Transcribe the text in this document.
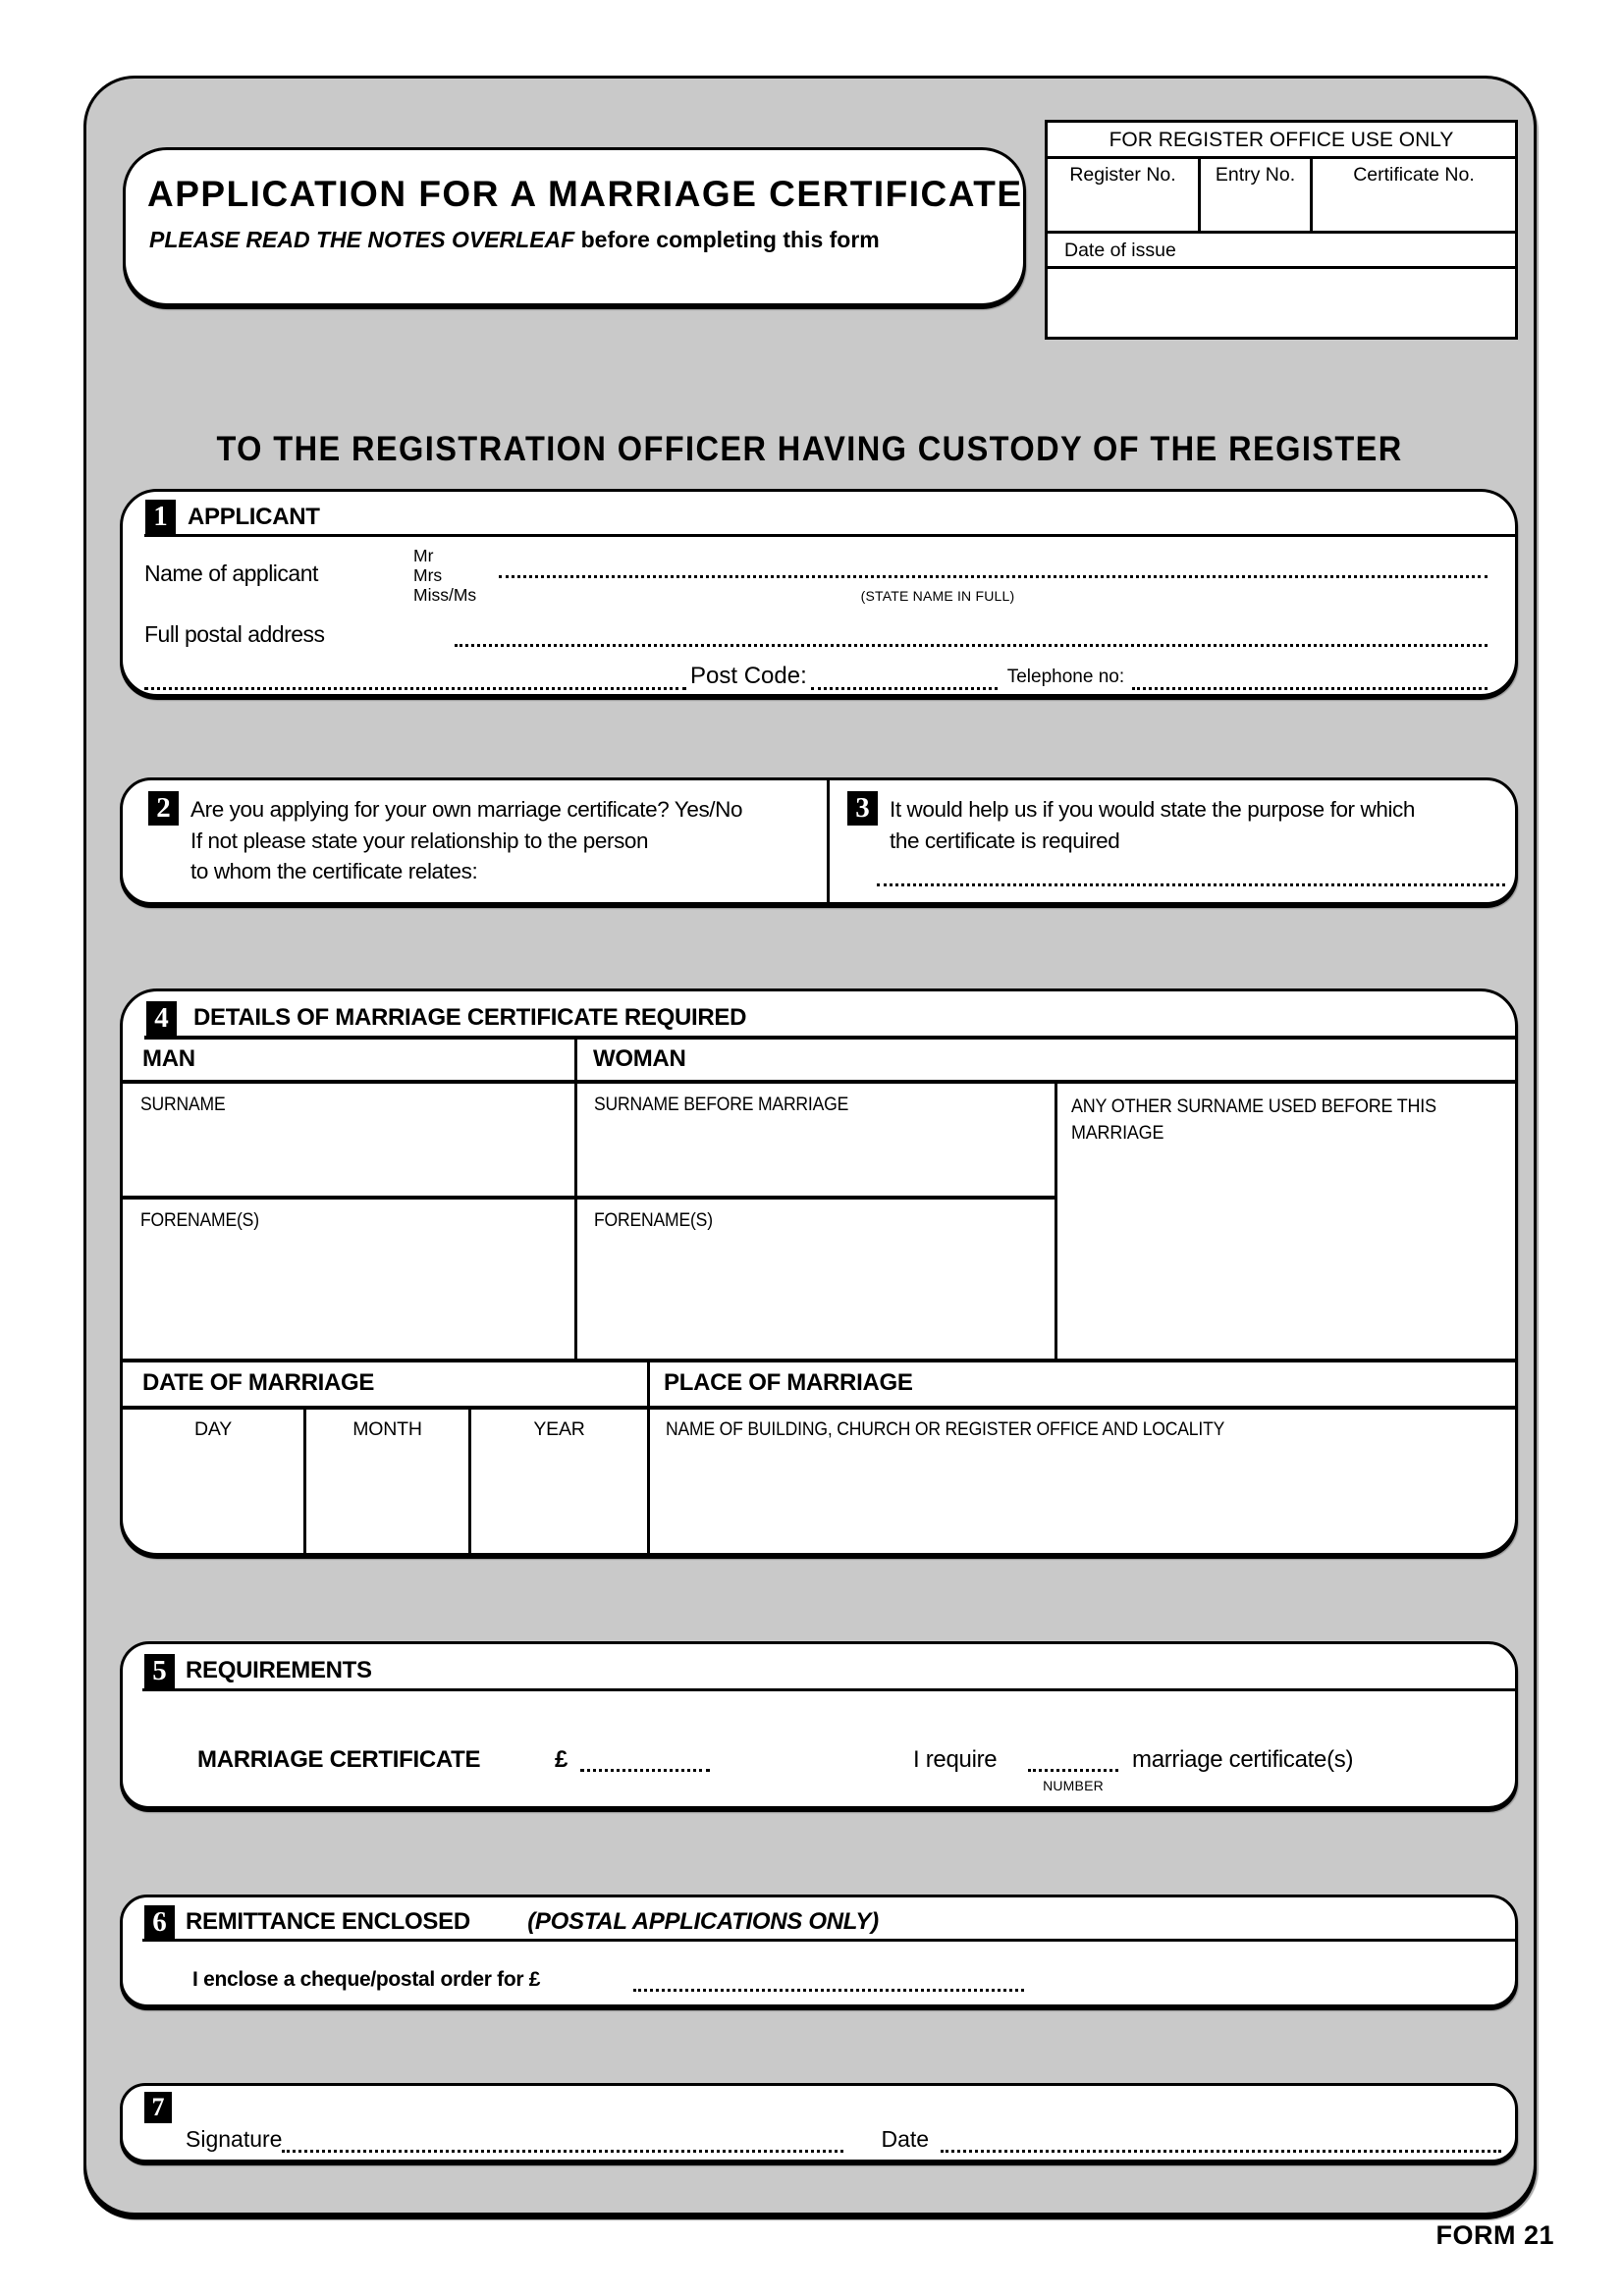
APPLICATION FOR A MARRIAGE CERTIFICATE
PLEASE READ THE NOTES OVERLEAF before completing this form
FOR REGISTER OFFICE USE ONLY
Register No.	Entry No.	Certificate No.
Date of issue
TO THE REGISTRATION OFFICER HAVING CUSTODY OF THE REGISTER
1 APPLICANT
Name of applicant
Mr
Mrs
Miss/Ms	(STATE NAME IN FULL)
Full postal address
Post Code:	Telephone no:
2 Are you applying for your own marriage certificate? Yes/No
If not please state your relationship to the person
to whom the certificate relates:
3 It would help us if you would state the purpose for which
the certificate is required
4	DETAILS OF MARRIAGE CERTIFICATE REQUIRED
MAN	WOMAN
SURNAME	SURNAME BEFORE MARRIAGE	ANY OTHER SURNAME USED BEFORE THIS MARRIAGE
FORENAME(S)	FORENAME(S)
DATE OF MARRIAGE	PLACE OF MARRIAGE
DAY	MONTH	YEAR	NAME OF BUILDING, CHURCH OR REGISTER OFFICE AND LOCALITY
5 REQUIREMENTS
MARRIAGE CERTIFICATE	£	I require
NUMBER
marriage certificate(s)
6 REMITTANCE ENCLOSED (POSTAL APPLICATIONS ONLY)
I enclose a cheque/postal order for £
7
Signature	Date
FORM 21
